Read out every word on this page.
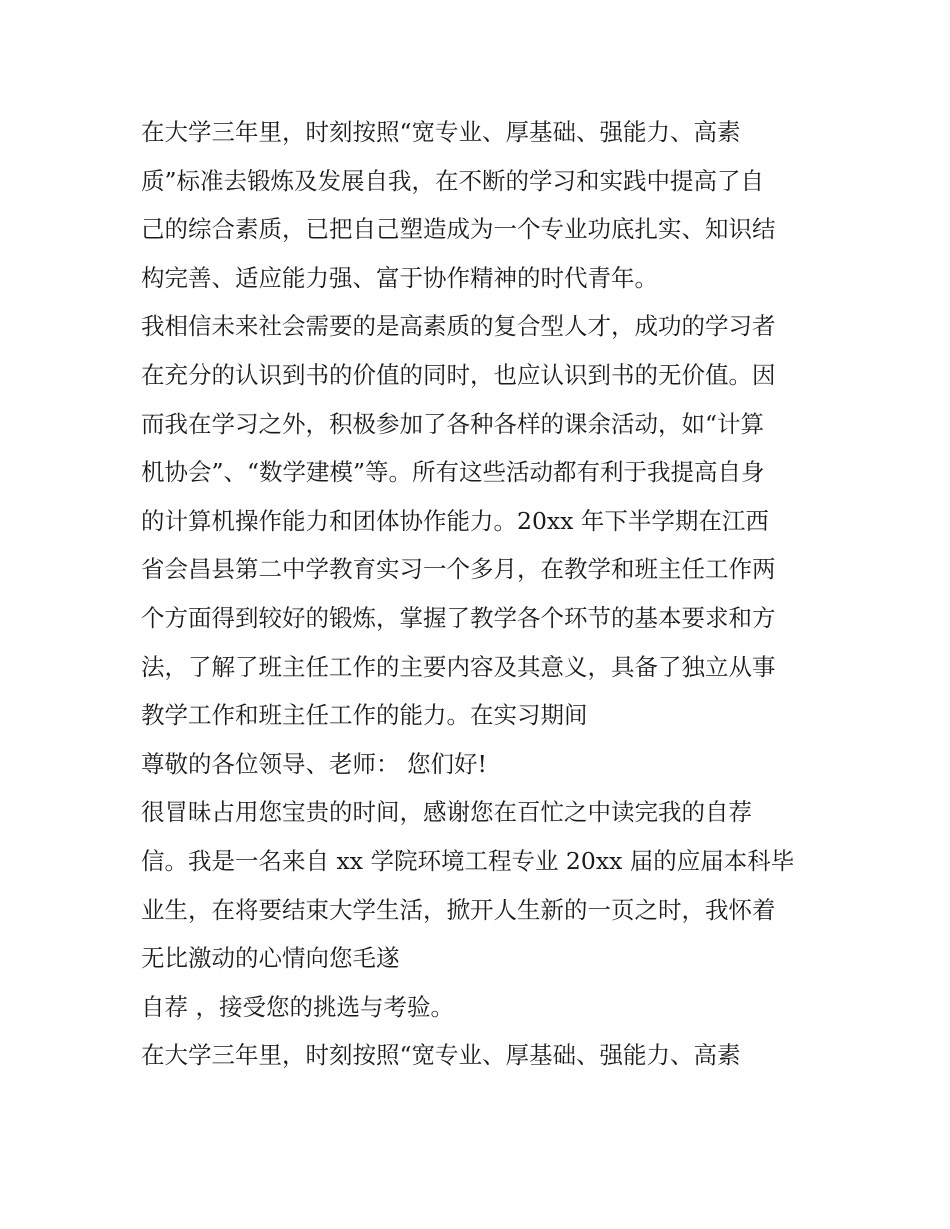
在大学三年里，时刻按照“宽专业、厚基础、强能力、高素
质”标准去锻炼及发展自我，在不断的学习和实践中提高了自
己的综合素质，已把自己塑造成为一个专业功底扎实、知识结
构完善、适应能力强、富于协作精神的时代青年。
我相信未来社会需要的是高素质的复合型人才，成功的学习者
在充分的认识到书的价值的同时，也应认识到书的无价值。因
而我在学习之外，积极参加了各种各样的课余活动，如“计算
机协会”、“数学建模”等。所有这些活动都有利于我提高自身
的计算机操作能力和团体协作能力。20xx 年下半学期在江西
省会昌县第二中学教育实习一个多月，在教学和班主任工作两
个方面得到较好的锻炼，掌握了教学各个环节的基本要求和方
法，了解了班主任工作的主要内容及其意义，具备了独立从事
教学工作和班主任工作的能力。在实习期间
尊敬的各位领导、老师： 您们好!
很冒昧占用您宝贵的时间，感谢您在百忙之中读完我的自荐
信。我是一名来自 xx 学院环境工程专业 20xx 届的应届本科毕
业生，在将要结束大学生活，掀开人生新的一页之时，我怀着
无比激动的心情向您毛遂
自荐 ，接受您的挑选与考验。
在大学三年里，时刻按照“宽专业、厚基础、强能力、高素
